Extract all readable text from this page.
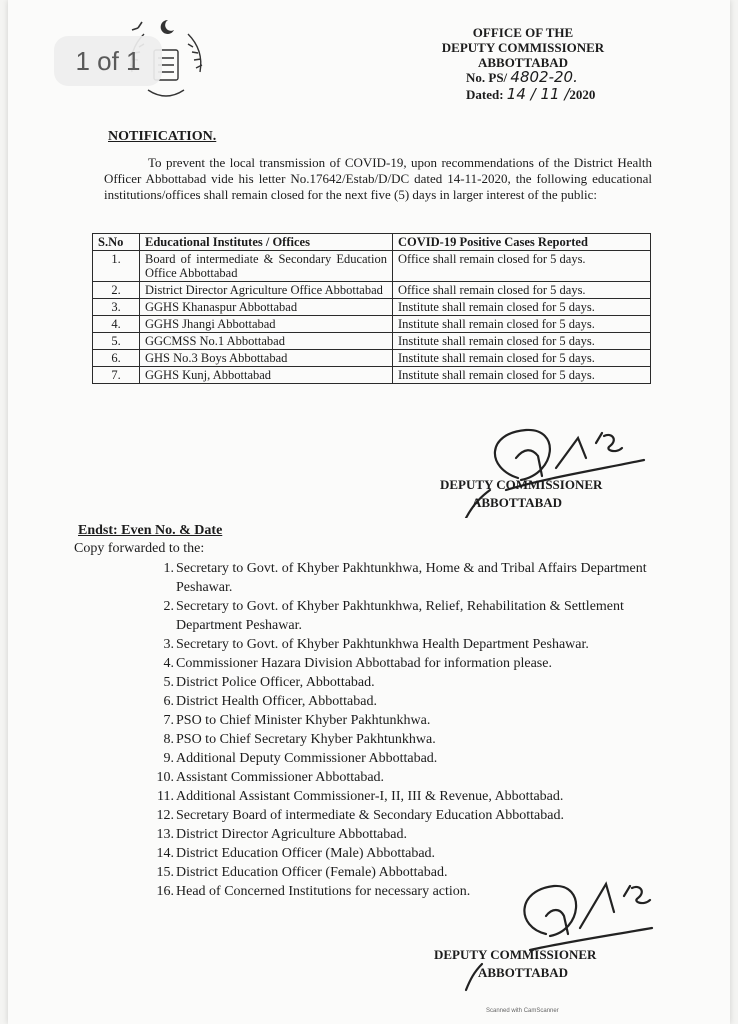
1 of 1
OFFICE OF THE
DEPUTY COMMISSIONER
ABBOTTABAD
No. PS/ 4802-20.
Dated: 14 / 11 /2020
NOTIFICATION.
To prevent the local transmission of COVID-19, upon recommendations of the District Health Officer Abbottabad vide his letter No.17642/Estab/D/DC dated 14-11-2020, the following educational institutions/offices shall remain closed for the next five (5) days in larger interest of the public:
S.No	Educational Institutes / Offices	COVID-19 Positive Cases Reported
1.	Board of intermediate & Secondary Education Office Abbottabad	Office shall remain closed for 5 days.
2.	District Director Agriculture Office Abbottabad	Office shall remain closed for 5 days.
3.	GGHS Khanaspur Abbottabad	Institute shall remain closed for 5 days.
4.	GGHS Jhangi Abbottabad	Institute shall remain closed for 5 days.
5.	GGCMSS No.1 Abbottabad	Institute shall remain closed for 5 days.
6.	GHS No.3 Boys Abbottabad	Institute shall remain closed for 5 days.
7.	GGHS Kunj, Abbottabad	Institute shall remain closed for 5 days.
DEPUTY COMMISSIONER
ABBOTTABAD
Endst: Even No. & Date
Copy forwarded to the:
1. Secretary to Govt. of Khyber Pakhtunkhwa, Home & and Tribal Affairs Department Peshawar.
2. Secretary to Govt. of Khyber Pakhtunkhwa, Relief, Rehabilitation & Settlement Department Peshawar.
3. Secretary to Govt. of Khyber Pakhtunkhwa Health Department Peshawar.
4. Commissioner Hazara Division Abbottabad for information please.
5. District Police Officer, Abbottabad.
6. District Health Officer, Abbottabad.
7. PSO to Chief Minister Khyber Pakhtunkhwa.
8. PSO to Chief Secretary Khyber Pakhtunkhwa.
9. Additional Deputy Commissioner Abbottabad.
10. Assistant Commissioner Abbottabad.
11. Additional Assistant Commissioner-I, II, III & Revenue, Abbottabad.
12. Secretary Board of intermediate & Secondary Education Abbottabad.
13. District Director Agriculture Abbottabad.
14. District Education Officer (Male) Abbottabad.
15. District Education Officer (Female) Abbottabad.
16. Head of Concerned Institutions for necessary action.
DEPUTY COMMISSIONER
ABBOTTABAD
Scanned with CamScanner
